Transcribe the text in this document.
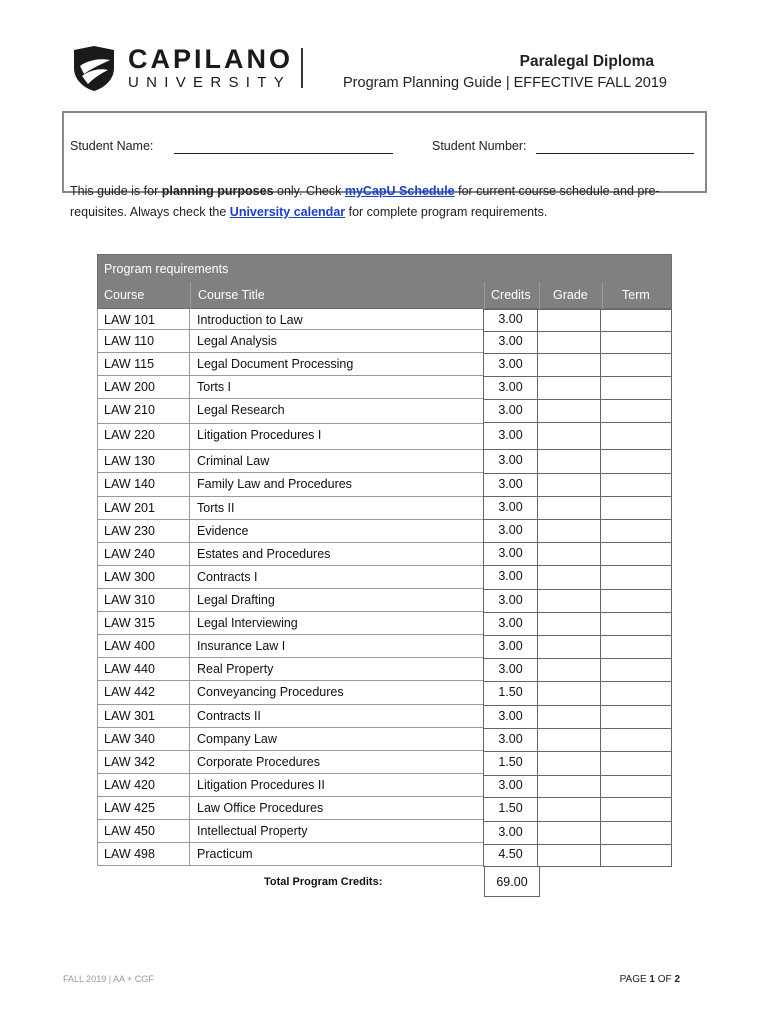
CAPILANO
UNIVERSITY
Paralegal Diploma
Program Planning Guide | EFFECTIVE FALL 2019
Student Name:	Student Number:
This guide is for planning purposes only. Check myCapU Schedule for current course schedule and pre-requisites. Always check the University calendar for complete program requirements.
Program requirements
Course	Course Title	Credits Grade	Term
LAW 101	Introduction to Law	3.00
LAW 110	Legal Analysis	3.00
LAW 115	Legal Document Processing	3.00
LAW 200	Torts I	3.00
LAW 210	Legal Research	3.00
LAW 220	Litigation Procedures I	3.00
LAW 130	Criminal Law	3.00
LAW 140	Family Law and Procedures	3.00
LAW 201	Torts II	3.00
LAW 230	Evidence	3.00
LAW 240	Estates and Procedures	3.00
LAW 300	Contracts I	3.00
LAW 310	Legal Drafting	3.00
LAW 315	Legal Interviewing	3.00
LAW 400	Insurance Law I	3.00
LAW 440	Real Property	3.00
LAW 442	Conveyancing Procedures	1.50
LAW 301	Contracts II	3.00
LAW 340	Company Law	3.00
LAW 342	Corporate Procedures	1.50
LAW 420	Litigation Procedures II	3.00
LAW 425	Law Office Procedures	1.50
LAW 450	Intellectual Property	3.00
LAW 498	Practicum	4.50
Total Program Credits:	69.00
FALL 2019 | AA + CGF	PAGE 1 OF 2
